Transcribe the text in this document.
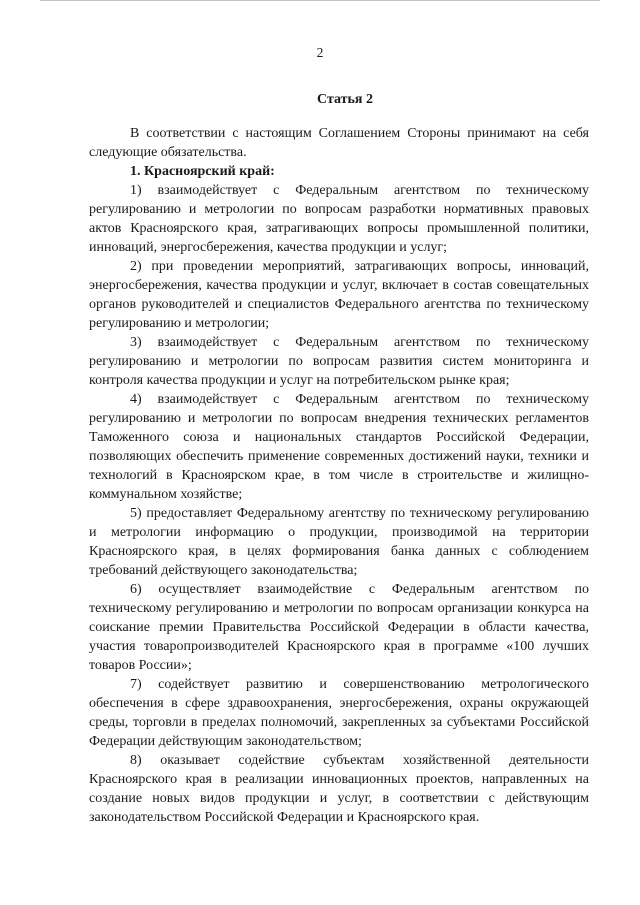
2
Статья 2

В соответствии с настоящим Соглашением Стороны принимают на себя следующие обязательства.

1. Красноярский край:

1) взаимодействует с Федеральным агентством по техническому регулированию и метрологии по вопросам разработки нормативных правовых актов Красноярского края, затрагивающих вопросы промышленной политики, инноваций, энергосбережения, качества продукции и услуг;

2) при проведении мероприятий, затрагивающих вопросы, инноваций, энергосбережения, качества продукции и услуг, включает в состав совещательных органов руководителей и специалистов Федерального агентства по техническому регулированию и метрологии;

3) взаимодействует с Федеральным агентством по техническому регулированию и метрологии по вопросам развития систем мониторинга и контроля качества продукции и услуг на потребительском рынке края;

4) взаимодействует с Федеральным агентством по техническому регулированию и метрологии по вопросам внедрения технических регламентов Таможенного союза и национальных стандартов Российской Федерации, позволяющих обеспечить применение современных достижений науки, техники и технологий в Красноярском крае, в том числе в строительстве и жилищно-коммунальном хозяйстве;

5) предоставляет Федеральному агентству по техническому регулированию и метрологии информацию о продукции, производимой на территории Красноярского края, в целях формирования банка данных с соблюдением требований действующего законодательства;

6) осуществляет взаимодействие с Федеральным агентством по техническому регулированию и метрологии по вопросам организации конкурса на соискание премии Правительства Российской Федерации в области качества, участия товаропроизводителей Красноярского края в программе «100 лучших товаров России»;

7) содействует развитию и совершенствованию метрологического обеспечения в сфере здравоохранения, энергосбережения, охраны окружающей среды, торговли в пределах полномочий, закрепленных за субъектами Российской Федерации действующим законодательством;

8) оказывает содействие субъектам хозяйственной деятельности Красноярского края в реализации инновационных проектов, направленных на создание новых видов продукции и услуг, в соответствии с действующим законодательством Российской Федерации и Красноярского края.
